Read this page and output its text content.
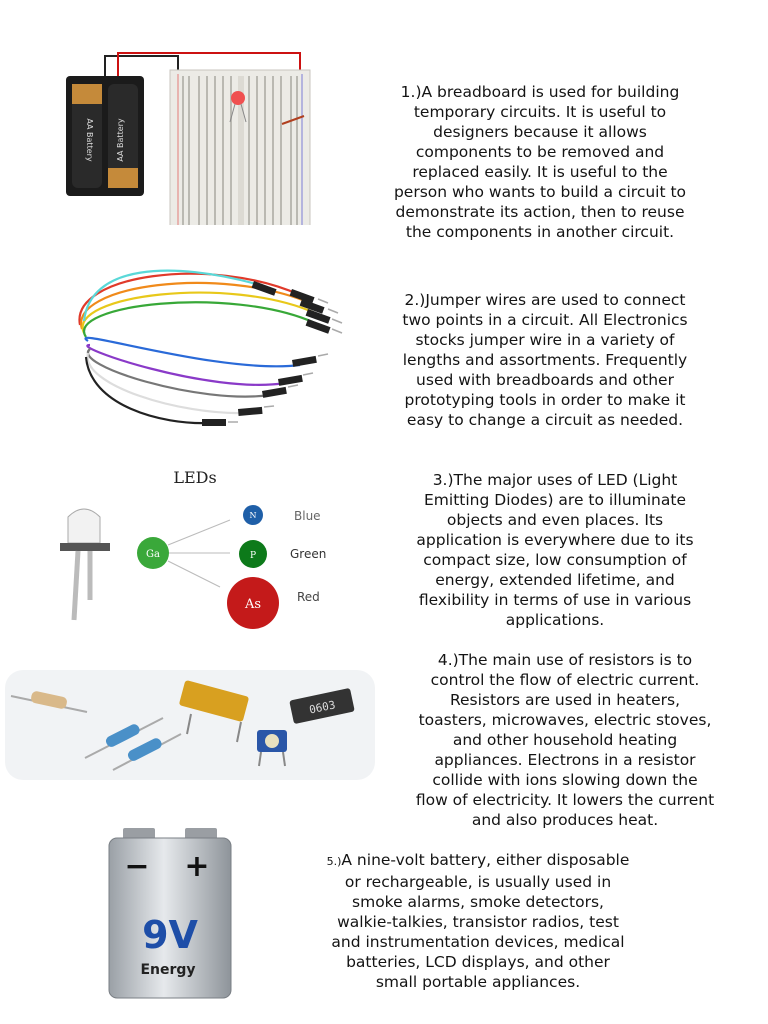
AA Battery	AA Battery

1.)A breadboard is used for building

temporary circuits. It is useful to

designers because it allows

components to be removed and

replaced easily. It is useful to the

person who wants to build a circuit to

demonstrate its action, then to reuse

the components in another circuit.

2.)Jumper wires are used to connect

two points in a circuit. All Electronics

stocks jumper wire in a variety of

lengths and assortments. Frequently

used with breadboards and other

prototyping tools in order to make it

easy to change a circuit as needed.

LEDs
Ga
N	Blue
P	Green
As	Red

3.)The major uses of LED (Light

Emitting Diodes) are to illuminate

objects and even places. Its

application is everywhere due to its

compact size, low consumption of

energy, extended lifetime, and

flexibility in terms of use in various

applications.

0603

4.)The main use of resistors is to

control the flow of electric current.

Resistors are used in heaters,

toasters, microwaves, electric stoves,

and other household heating

appliances. Electrons in a resistor

collide with ions slowing down the

flow of electricity. It lowers the current

and also produces heat.

− +
9V
Energy

5.)A nine-volt battery, either disposable

or rechargeable, is usually used in

smoke alarms, smoke detectors,

walkie-talkies, transistor radios, test

and instrumentation devices, medical

batteries, LCD displays, and other

small portable appliances.
